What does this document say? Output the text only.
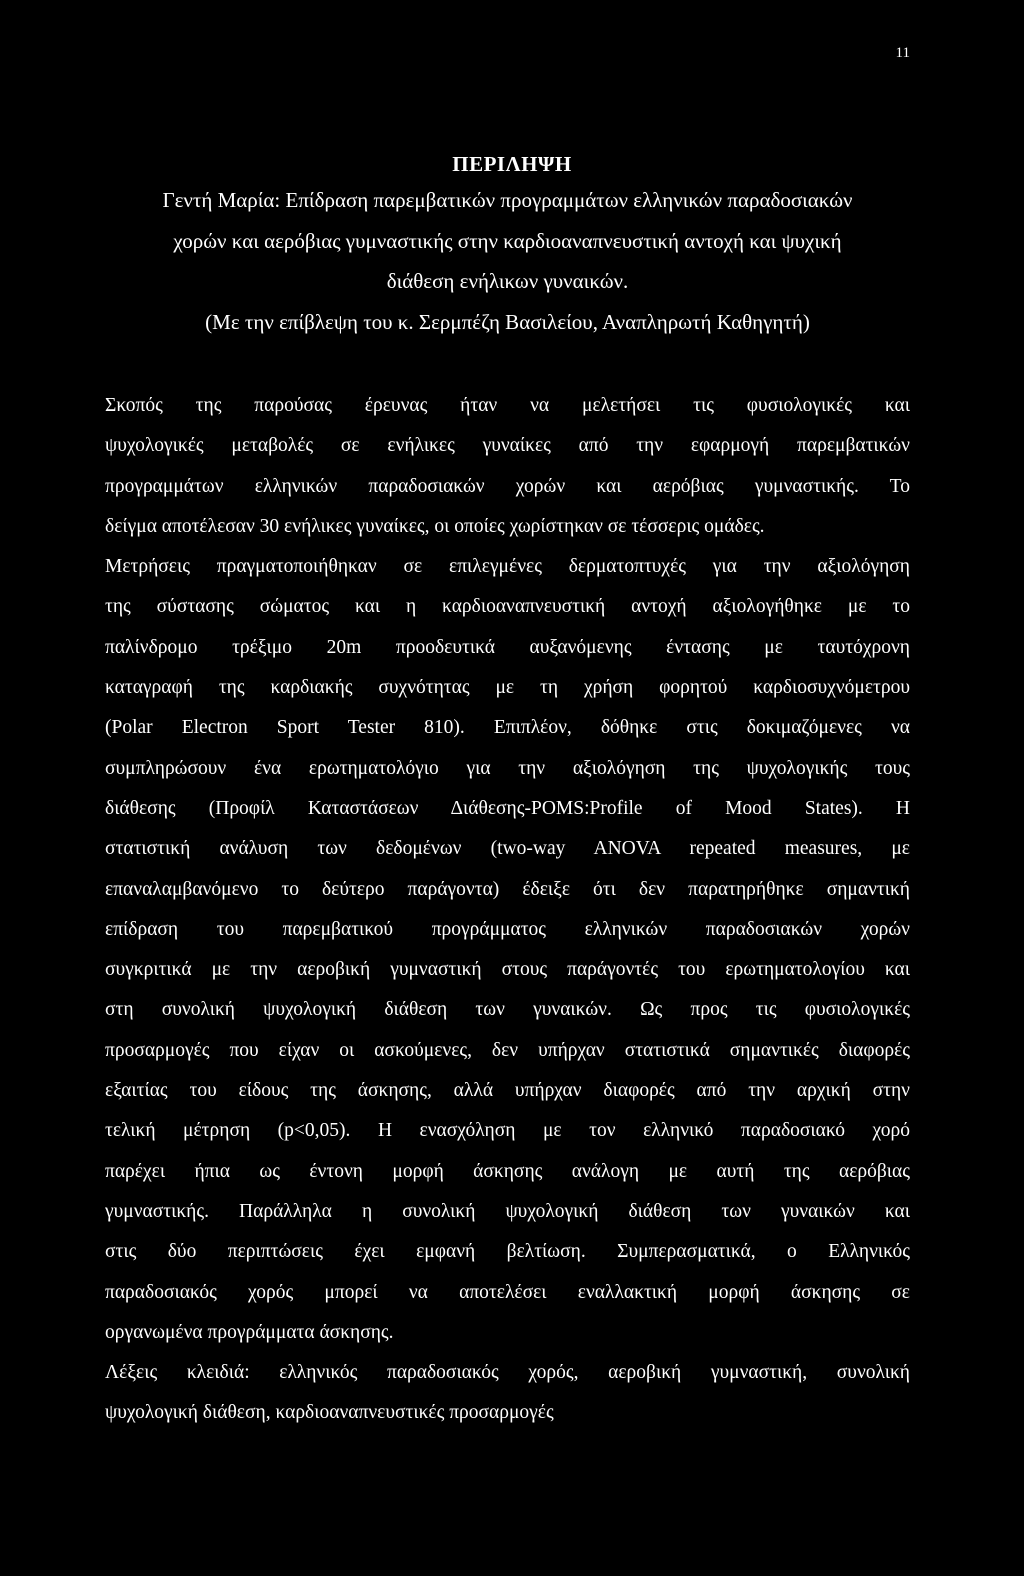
11
ΠΕΡΙΛΗΨΗ
Γεντή Μαρία: Επίδραση παρεμβατικών προγραμμάτων ελληνικών παραδοσιακών
χορών και αερόβιας γυμναστικής στην καρδιοαναπνευστική αντοχή και ψυχική
διάθεση ενήλικων γυναικών.
(Με την επίβλεψη του κ. Σερμπέζη Βασιλείου, Αναπληρωτή Καθηγητή)
Σκοπός της παρούσας έρευνας ήταν να μελετήσει τις φυσιολογικές και
ψυχολογικές μεταβολές σε ενήλικες γυναίκες από την εφαρμογή παρεμβατικών
προγραμμάτων ελληνικών παραδοσιακών χορών και αερόβιας γυμναστικής. Το
δείγμα αποτέλεσαν 30 ενήλικες γυναίκες, οι οποίες χωρίστηκαν σε τέσσερις ομάδες.
Μετρήσεις πραγματοποιήθηκαν σε επιλεγμένες δερματοπτυχές για την αξιολόγηση
της σύστασης σώματος και η καρδιοαναπνευστική αντοχή αξιολογήθηκε με το
παλίνδρομο τρέξιμο 20m προοδευτικά αυξανόμενης έντασης με ταυτόχρονη
καταγραφή της καρδιακής συχνότητας με τη χρήση φορητού καρδιοσυχνόμετρου
(Polar Electron Sport Tester 810). Επιπλέον, δόθηκε στις δοκιμαζόμενες να
συμπληρώσουν ένα ερωτηματολόγιο για την αξιολόγηση της ψυχολογικής τους
διάθεσης (Προφίλ Καταστάσεων Διάθεσης-POMS:Profile of Mood States). Η
στατιστική ανάλυση των δεδομένων (two-way ANOVA repeated measures, με
επαναλαμβανόμενο το δεύτερο παράγοντα) έδειξε ότι δεν παρατηρήθηκε σημαντική
επίδραση του παρεμβατικού προγράμματος ελληνικών παραδοσιακών χορών
συγκριτικά με την αεροβική γυμναστική στους παράγοντές του ερωτηματολογίου και
στη συνολική ψυχολογική διάθεση των γυναικών. Ως προς τις φυσιολογικές
προσαρμογές που είχαν οι ασκούμενες, δεν υπήρχαν στατιστικά σημαντικές διαφορές
εξαιτίας του είδους της άσκησης, αλλά υπήρχαν διαφορές από την αρχική στην
τελική μέτρηση (p<0,05). Η ενασχόληση με τον ελληνικό παραδοσιακό χορό
παρέχει ήπια ως έντονη μορφή άσκησης ανάλογη με αυτή της αερόβιας
γυμναστικής. Παράλληλα η συνολική ψυχολογική διάθεση των γυναικών και
στις δύο περιπτώσεις έχει εμφανή βελτίωση. Συμπερασματικά, ο Ελληνικός
παραδοσιακός χορός μπορεί να αποτελέσει εναλλακτική μορφή άσκησης σε
οργανωμένα προγράμματα άσκησης.
Λέξεις κλειδιά: ελληνικός παραδοσιακός χορός, αεροβική γυμναστική, συνολική
ψυχολογική διάθεση, καρδιοαναπνευστικές προσαρμογές
